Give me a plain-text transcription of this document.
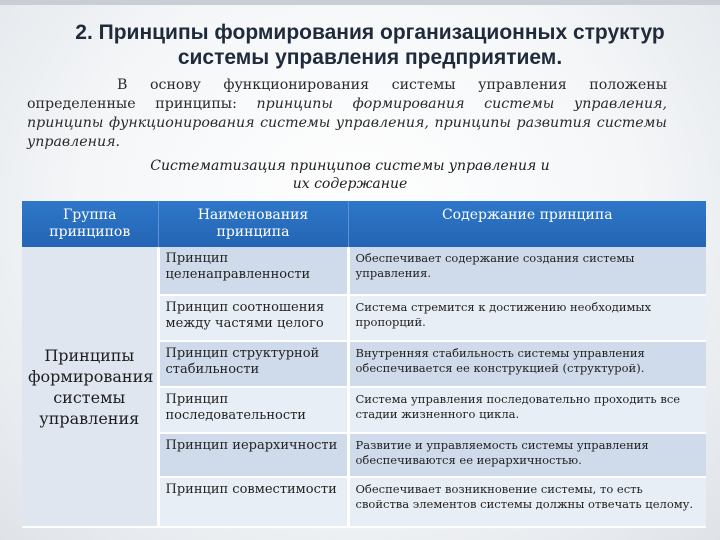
2. Принципы формирования организационных структур системы управления предприятием.

В основу функционирования системы управления положены определенные принципы: принципы формирования системы управления, принципы функционирования системы управления, принципы развития системы управления.

Систематизация принципов системы управления и их содержание

Группа принципов	Наименования принципа	Содержание принципа
Принципы формирования системы управления	Принцип целенаправленности	Обеспечивает содержание создания системы управления.
	Принцип соотношения между частями целого	Система стремится к достижению необходимых пропорций.
	Принцип структурной стабильности	Внутренняя стабильность системы управления обеспечивается ее конструкцией (структурой).
	Принцип последовательности	Система управления последовательно проходить все стадии жизненного цикла.
	Принцип иерархичности	Развитие и управляемость системы управления обеспечиваются ее иерархичностью.
	Принцип совместимости	Обеспечивает возникновение системы, то есть свойства элементов системы должны отвечать целому.
